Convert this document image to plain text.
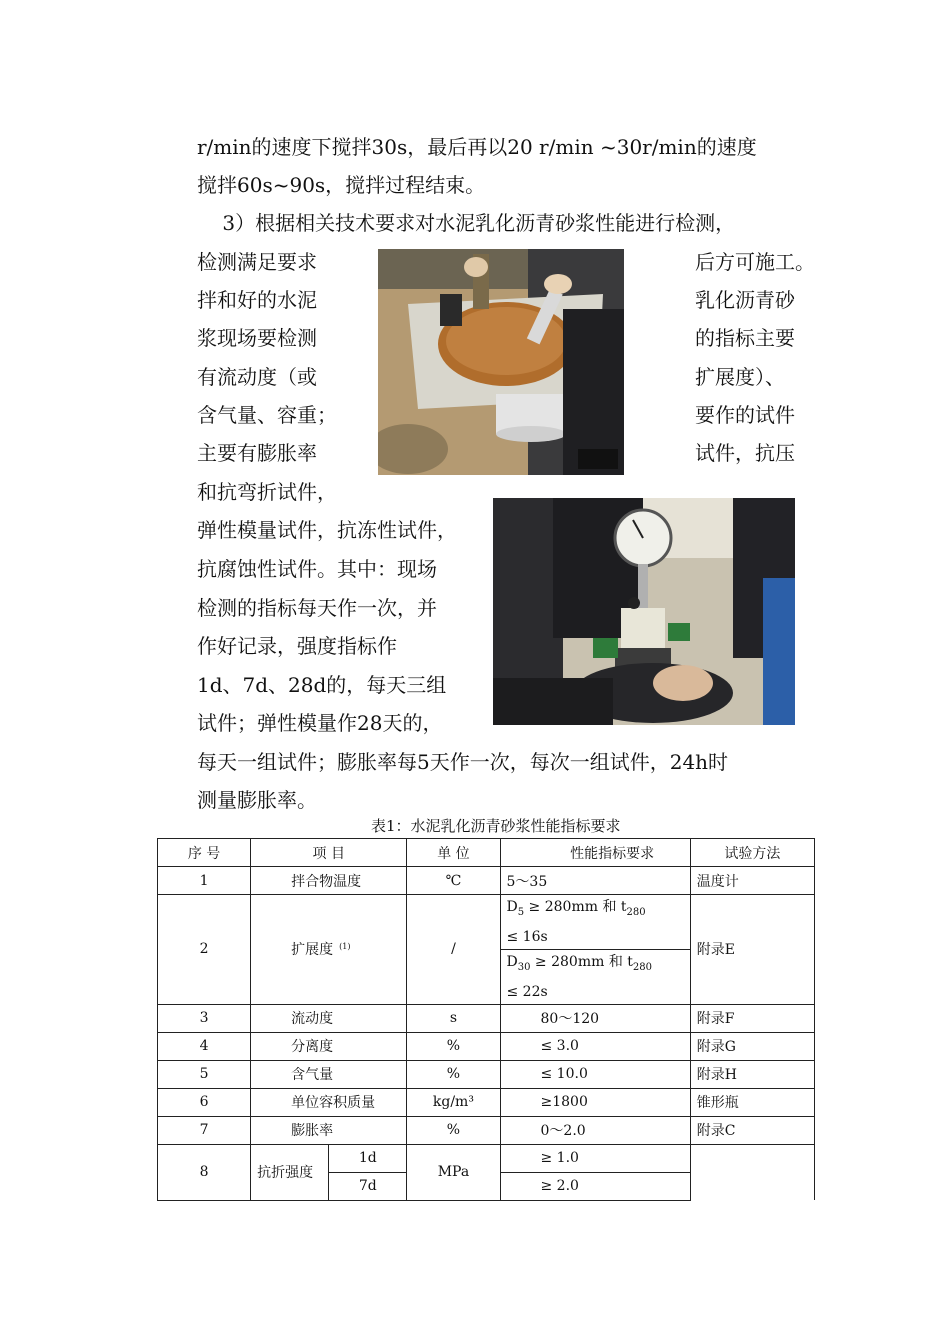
r/min的速度下搅拌30s，最后再以20 r/min ~30r/min的速度
搅拌60s~90s，搅拌过程结束。
3）根据相关技术要求对水泥乳化沥青砂浆性能进行检测，
检测满足要求
拌和好的水泥
浆现场要检测
有流动度（或
含气量、容重；
主要有膨胀率
和抗弯折试件，
后方可施工。
乳化沥青砂
的指标主要
扩展度）、
要作的试件
试件，抗压
弹性模量试件，抗冻性试件，
抗腐蚀性试件。其中：现场
检测的指标每天作一次，并
作好记录，强度指标作
1d、7d、28d的，每天三组
试件；弹性模量作28天的，
每天一组试件；膨胀率每5天作一次，每次一组试件，24h时
测量膨胀率。
表1：水泥乳化沥青砂浆性能指标要求
序 号	项 目		单 位	性能指标要求	试验方法
1	拌合物温度		℃	5～35	温度计
2	扩展度 $^{(1)}$		/	$D_5 \ge 280mm$ 和 $t_{280}$
≤ 16s	附录E
				$D_{30} \ge 280mm$ 和 $t_{280}$
≤ 22s	
3	流动度		s	80～120	附录F
4	分离度		%	≤ 3.0	附录G
5	含气量		%	≤ 10.0	附录H
6	单位容积质量		kg/m³	≥1800	锥形瓶
7	膨胀率		%	0～2.0	附录C
8	抗折强度	1d	MPa	≥ 1.0	
		7d		≥ 2.0	
